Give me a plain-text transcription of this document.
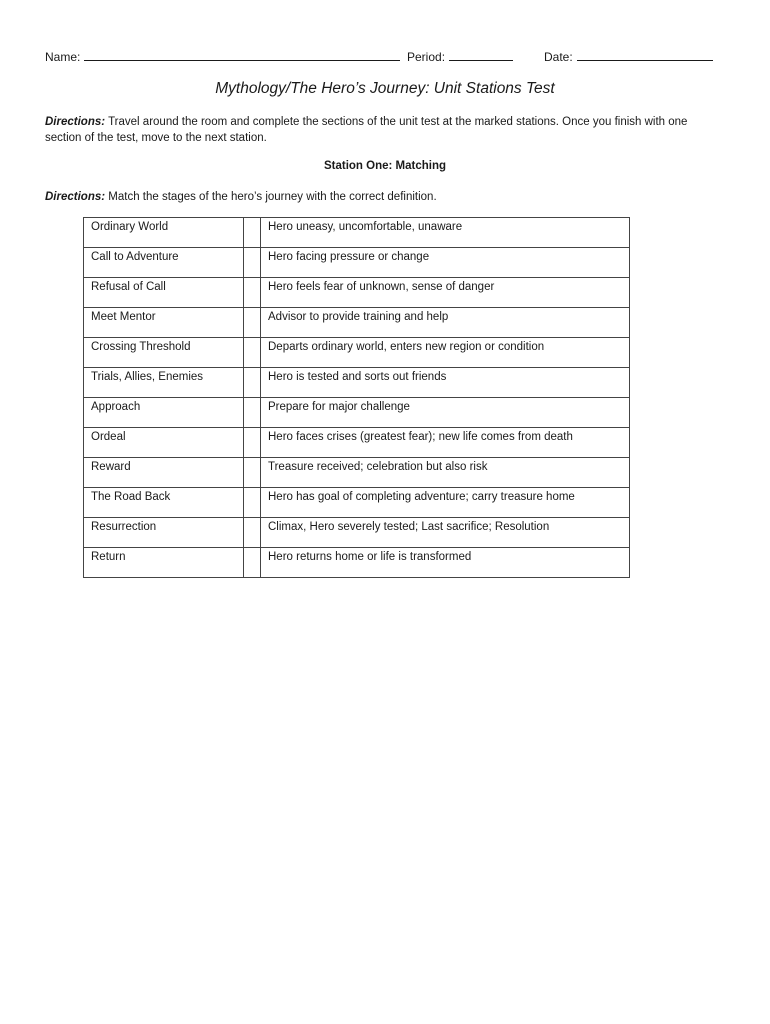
Name:	Period:	Date:
Mythology/The Hero’s Journey: Unit Stations Test
Directions: Travel around the room and complete the sections of the unit test at the marked stations. Once you finish with one section of the test, move to the next station.
Station One: Matching
Directions: Match the stages of the hero’s journey with the correct definition.
Ordinary World		Hero uneasy, uncomfortable, unaware
Call to Adventure		Hero facing pressure or change
Refusal of Call		Hero feels fear of unknown, sense of danger
Meet Mentor		Advisor to provide training and help
Crossing Threshold		Departs ordinary world, enters new region or condition
Trials, Allies, Enemies		Hero is tested and sorts out friends
Approach		Prepare for major challenge
Ordeal		Hero faces crises (greatest fear); new life comes from death
Reward		Treasure received; celebration but also risk
The Road Back		Hero has goal of completing adventure; carry treasure home
Resurrection		Climax, Hero severely tested; Last sacrifice; Resolution
Return		Hero returns home or life is transformed
